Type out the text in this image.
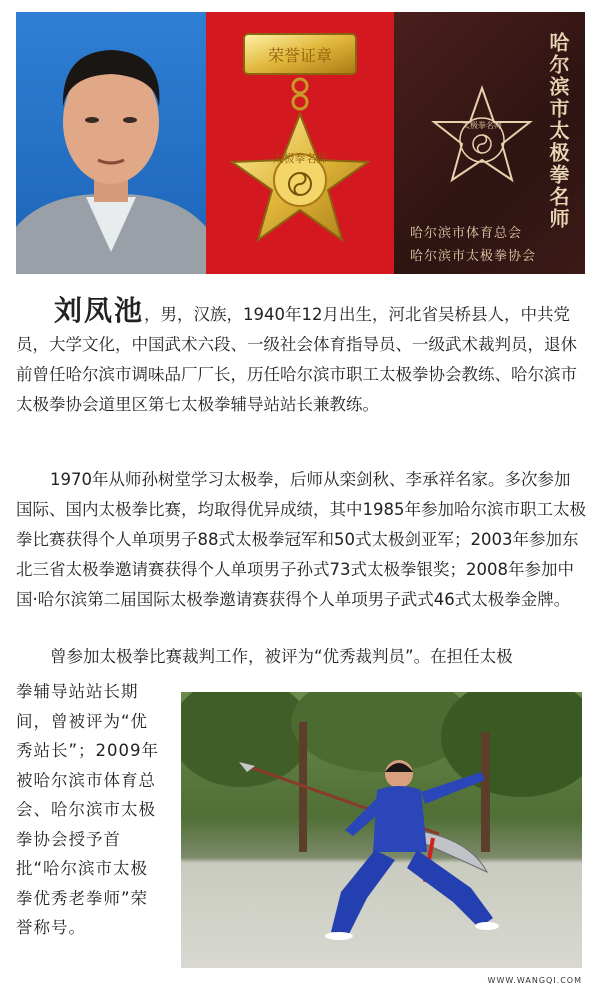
荣誉证章
太极拳名师	哈尔滨市太极拳名师
太极拳名师
哈尔滨市体育总会
哈尔滨市太极拳协会

刘凤池，男，汉族，1940年12月出生，河北省吴桥县人，中共党员，大学文化，中国武术六段、一级社会体育指导员、一级武术裁判员，退休前曾任哈尔滨市调味品厂厂长，历任哈尔滨市职工太极拳协会教练、哈尔滨市太极拳协会道里区第七太极拳辅导站站长兼教练。

1970年从师孙树堂学习太极拳，后师从栾剑秋、李承祥名家。多次参加国际、国内太极拳比赛，均取得优异成绩，其中1985年参加哈尔滨市职工太极拳比赛获得个人单项男子88式太极拳冠军和50式太极剑亚军；2003年参加东北三省太极拳邀请赛获得个人单项男子孙式73式太极拳银奖；2008年参加中国·哈尔滨第二届国际太极拳邀请赛获得个人单项男子武式46式太极拳金牌。

曾参加太极拳比赛裁判工作，被评为“优秀裁判员”。在担任太极

拳辅导站站长期间，曾被评为“优秀站长”；2009年被哈尔滨市体育总会、哈尔滨市太极拳协会授予首批“哈尔滨市太极拳优秀老拳师”荣誉称号。

WWW.WANGQI.COM
